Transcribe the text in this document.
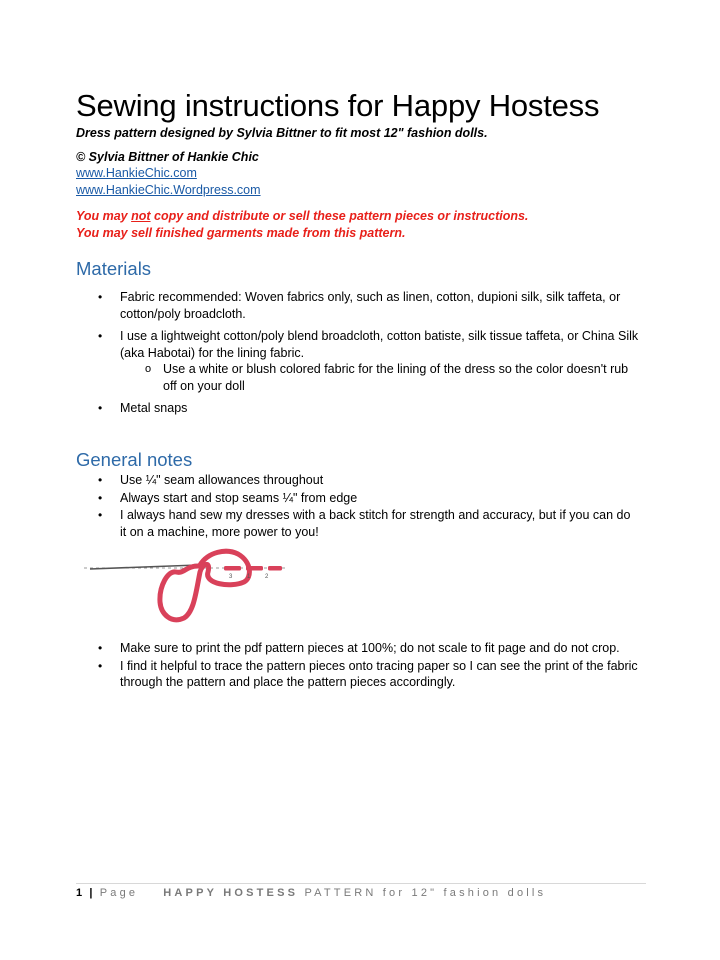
Sewing instructions for Happy Hostess
Dress pattern designed by Sylvia Bittner to fit most 12" fashion dolls.
© Sylvia Bittner of Hankie Chic
www.HankieChic.com
www.HankieChic.Wordpress.com
You may not copy and distribute or sell these pattern pieces or instructions.
You may sell finished garments made from this pattern.
Materials
• Fabric recommended: Woven fabrics only, such as linen, cotton, dupioni silk, silk taffeta, or cotton/poly broadcloth.
• I use a lightweight cotton/poly blend broadcloth, cotton batiste, silk tissue taffeta, or China Silk (aka Habotai) for the lining fabric.
o Use a white or blush colored fabric for the lining of the dress so the color doesn't rub off on your doll
• Metal snaps
General notes
• Use ¼" seam allowances throughout
• Always start and stop seams ¼" from edge
• I always hand sew my dresses with a back stitch for strength and accuracy, but if you can do it on a machine, more power to you!
3 1 2
• Make sure to print the pdf pattern pieces at 100%; do not scale to fit page and do not crop.
• I find it helpful to trace the pattern pieces onto tracing paper so I can see the print of the fabric through the pattern and place the pattern pieces accordingly.
1 | Page HAPPY HOSTESS PATTERN for 12" fashion dolls
